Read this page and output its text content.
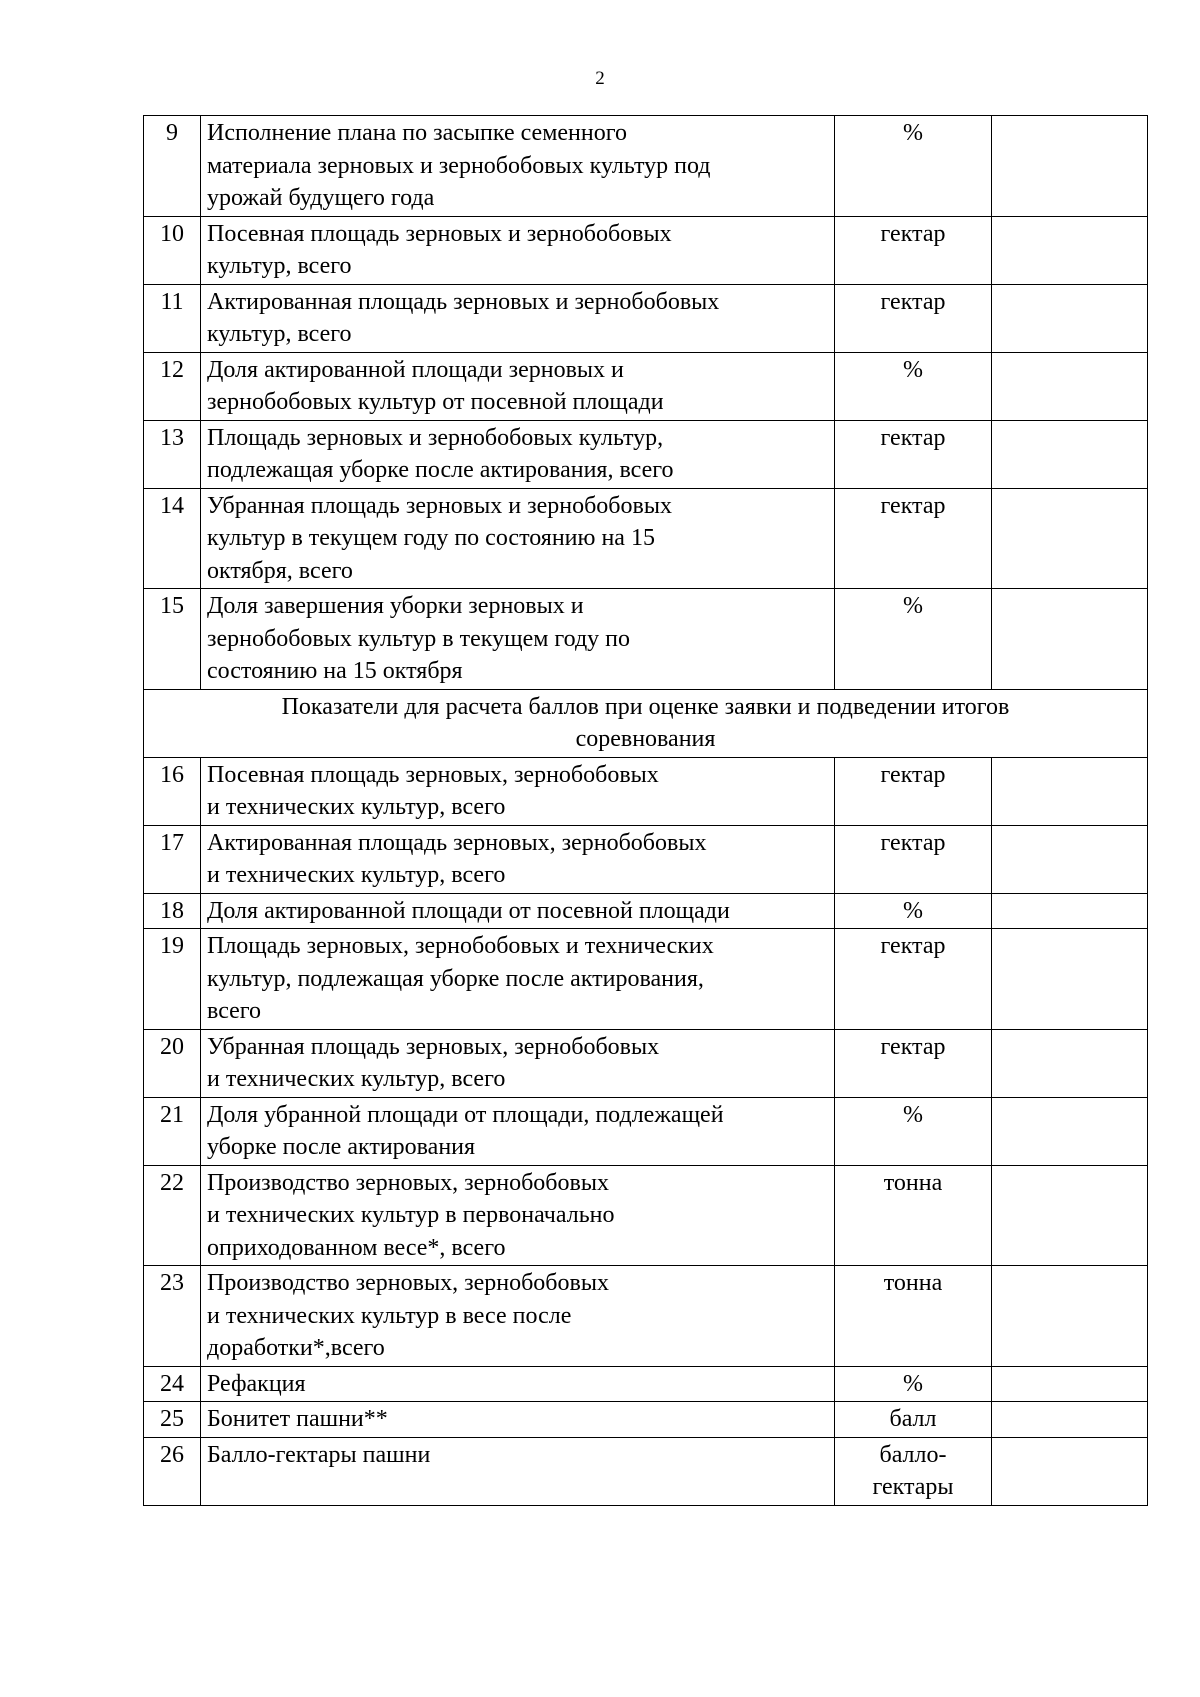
2
9	Исполнение плана по засыпке семенного
материала зерновых и зернобобовых культур под
урожай будущего года	%	

10	Посевная площадь зерновых и зернобобовых
культур, всего	гектар	

11	Актированная площадь зерновых и зернобобовых
культур, всего	гектар	

12	Доля актированной площади зерновых и
зернобобовых культур от посевной площади	%	

13	Площадь зерновых и зернобобовых культур,
подлежащая уборке после актирования, всего	гектар	

14	Убранная площадь зерновых и зернобобовых
культур в текущем году по состоянию на 15
октября, всего	гектар	

15	Доля завершения уборки зерновых и
зернобобовых культур в текущем году по
состоянию на 15 октября	%	

Показатели для расчета баллов при оценке заявки и подведении итогов
соревнования			

16	Посевная площадь зерновых, зернобобовых
и технических культур, всего	гектар	

17	Актированная площадь зерновых, зернобобовых
и технических культур, всего	гектар	

18	Доля актированной площади от посевной площади	%	

19	Площадь зерновых, зернобобовых и технических
культур, подлежащая уборке после актирования,
всего	гектар	

20	Убранная площадь зерновых, зернобобовых
и технических культур, всего	гектар	

21	Доля убранной площади от площади, подлежащей
уборке после актирования	%	

22	Производство зерновых, зернобобовых
и технических культур в первоначально
оприходованном весе*, всего	тонна	

23	Производство зерновых, зернобобовых
и технических культур в весе после
доработки*,всего	тонна	

24	Рефакция	%	

25	Бонитет пашни**	балл	

26	Балло-гектары пашни	балло-
гектары	
